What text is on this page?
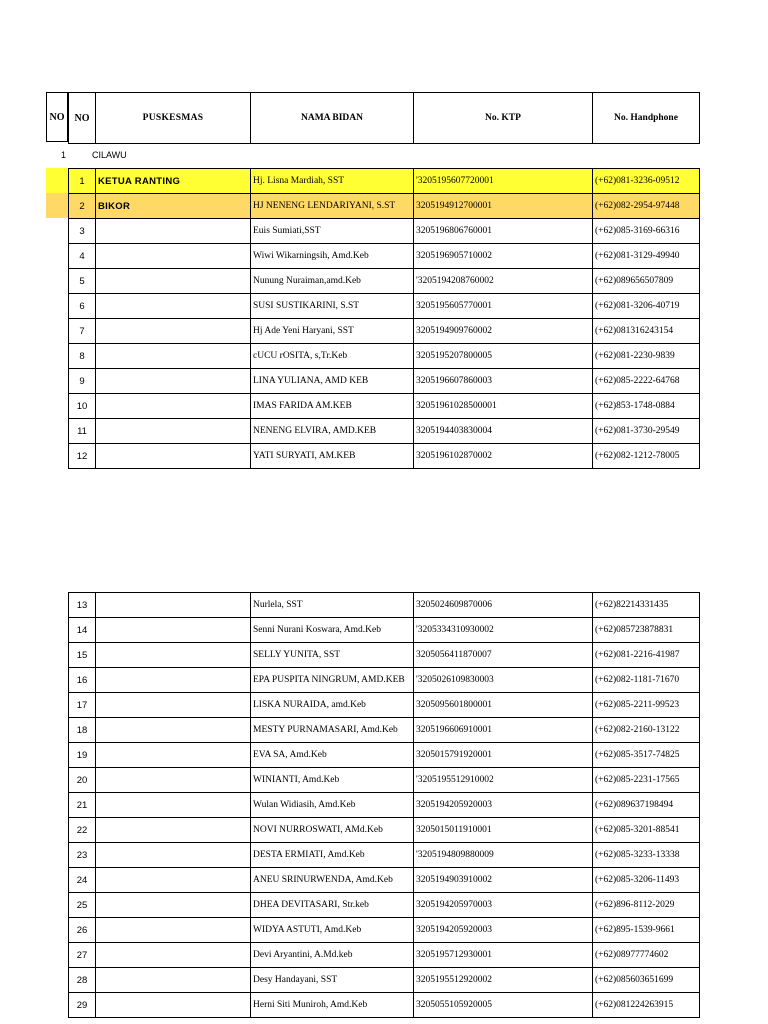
NO	NO	PUSKESMAS	NAMA BIDAN	No. KTP	No. Handphone
1	CILAWU
1	KETUA RANTING	Hj. Lisna Mardiah, SST	'3205195607720001	(+62)081-3236-09512
2	BIKOR	HJ NENENG LENDARIYANI, S.ST	3205194912700001	(+62)082-2954-97448
3		Euis Sumiati,SST	3205196806760001	(+62)085-3169-66316
4		Wiwi Wikarningsih, Amd.Keb	3205196905710002	(+62)081-3129-49940
5		Nunung Nuraiman,amd.Keb	'3205194208760002	(+62)089656507809
6		SUSI SUSTIKARINI, S.ST	3205195605770001	(+62)081-3206-40719
7		Hj Ade Yeni Haryani, SST	3205194909760002	(+62)081316243154
8		cUCU rOSITA, s,Tr.Keb	3205195207800005	(+62)081-2230-9839
9		LINA YULIANA, AMD KEB	3205196607860003	(+62)085-2222-64768
10		IMAS FARIDA AM.KEB	32051961028500001	(+62)853-1748-0884
11		NENENG ELVIRA, AMD.KEB	3205194403830004	(+62)081-3730-29549
12		YATI SURYATI, AM.KEB	3205196102870002	(+62)082-1212-78005
13		Nurlela, SST	3205024609870006	(+62)82214331435
14		Senni Nurani Koswara, Amd.Keb	'3205334310930002	(+62)085723878831
15		SELLY YUNITA, SST	3205056411870007	(+62)081-2216-41987
16		EPA PUSPITA NINGRUM, AMD.KEB	'3205026109830003	(+62)082-1181-71670
17		LISKA NURAIDA, amd.Keb	3205095601800001	(+62)085-2211-99523
18		MESTY PURNAMASARI, Amd.Keb	3205196606910001	(+62)082-2160-13122
19		EVA SA, Amd.Keb	3205015791920001	(+62)085-3517-74825
20		WINIANTI, Amd.Keb	'3205195512910002	(+62)085-2231-17565
21		Wulan Widiasih, Amd.Keb	3205194205920003	(+62)089637198494
22		NOVI NURROSWATI, AMd.Keb	3205015011910001	(+62)085-3201-88541
23		DESTA ERMIATI, Amd.Keb	'3205194809880009	(+62)085-3233-13338
24		ANEU SRINURWENDA, Amd.Keb	3205194903910002	(+62)085-3206-11493
25		DHEA DEVITASARI, Str.keb	3205194205970003	(+62)896-8112-2029
26		WIDYA ASTUTI, Amd.Keb	3205194205920003	(+62)895-1539-9661
27		Devi Aryantini, A.Md.keb	3205195712930001	(+62)08977774602
28		Desy Handayani, SST	3205195512920002	(+62)085603651699
29		Herni Siti Muniroh, Amd.Keb	3205055105920005	(+62)081224263915
